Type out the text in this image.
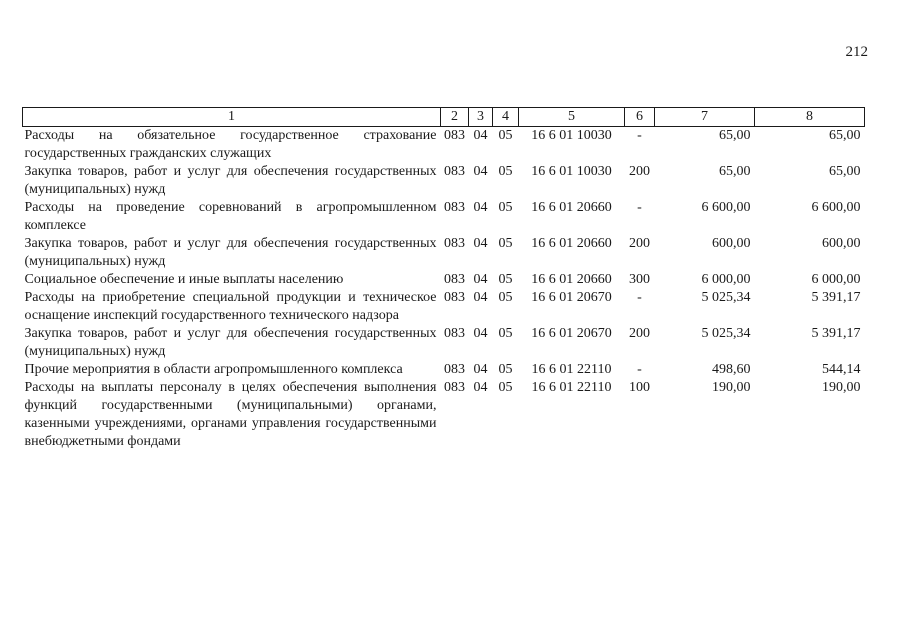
212
1	2	3	4	5	6	7	8
Расходы на обязательное государственное страхование государственных гражданских служащих	083	04	05	16 6 01 10030	-	65,00	65,00
Закупка товаров, работ и услуг для обеспечения государственных (муниципальных) нужд	083	04	05	16 6 01 10030	200	65,00	65,00
Расходы на проведение соревнований в агропромышленном комплексе	083	04	05	16 6 01 20660	-	6 600,00	6 600,00
Закупка товаров, работ и услуг для обеспечения государственных (муниципальных) нужд	083	04	05	16 6 01 20660	200	600,00	600,00
Социальное обеспечение и иные выплаты населению	083	04	05	16 6 01 20660	300	6 000,00	6 000,00
Расходы на приобретение специальной продукции и техническое оснащение инспекций государственного технического надзора	083	04	05	16 6 01 20670	-	5 025,34	5 391,17
Закупка товаров, работ и услуг для обеспечения государственных (муниципальных) нужд	083	04	05	16 6 01 20670	200	5 025,34	5 391,17
Прочие мероприятия в области агропромышленного комплекса	083	04	05	16 6 01 22110	-	498,60	544,14
Расходы на выплаты персоналу в целях обеспечения выполнения функций государственными (муниципальными) органами, казенными учреждениями, органами управления государственными внебюджетными фондами	083	04	05	16 6 01 22110	100	190,00	190,00
